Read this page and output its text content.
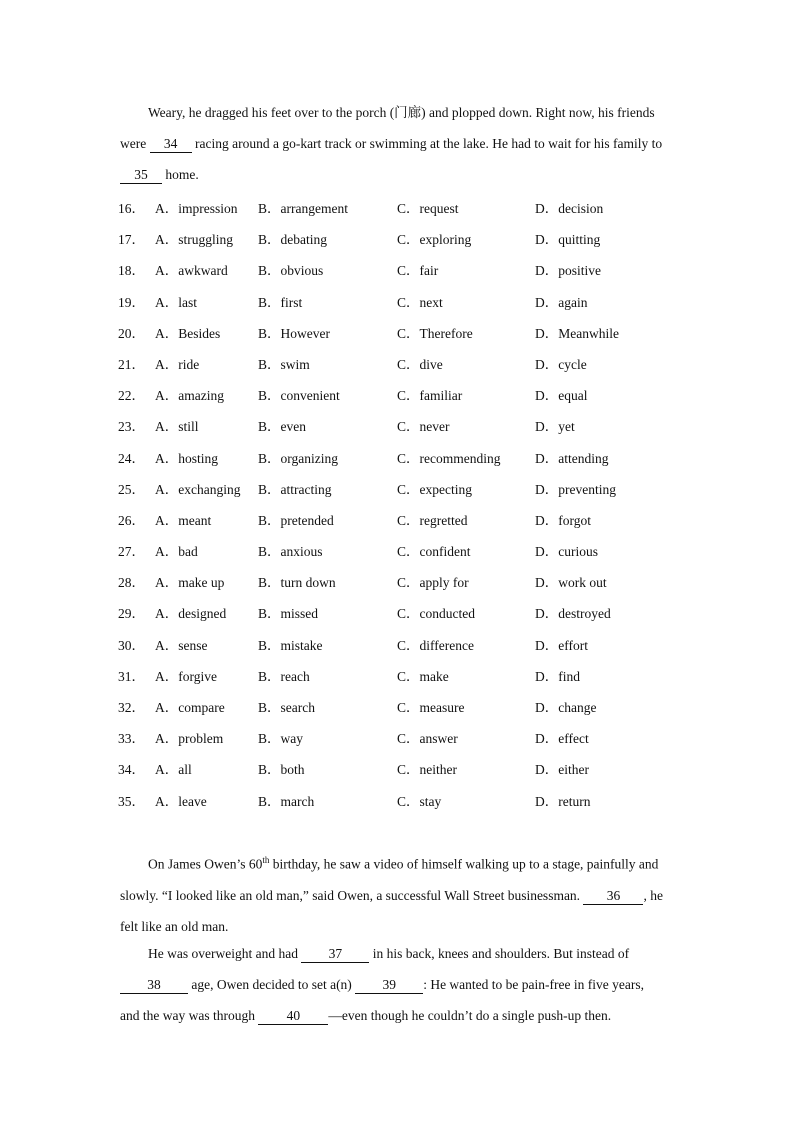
Weary, he dragged his feet over to the porch (门廊) and plopped down. Right now, his friends were 34 racing around a go-kart track or swimming at the lake. He had to wait for his family to 35 home.

16． A．impression B．arrangement	C．request	D．decision
17． A．struggling B．debating	C．exploring	D．quitting
18． A．awkward B．obvious	C．fair	D．positive
19． A．last	B．first	C．next	D．again
20． A．Besides	B．However	C．Therefore	D．Meanwhile
21． A．ride	B．swim	C．dive	D．cycle
22． A．amazing	B．convenient	C．familiar	D．equal
23． A．still	B．even	C．never	D．yet
24． A．hosting	B．organizing	C．recommending	D．attending
25． A．exchanging B．attracting	C．expecting	D．preventing
26． A．meant	B．pretended	C．regretted	D．forgot
27． A．bad	B．anxious	C．confident	D．curious
28． A．make up B．turn down	C．apply for	D．work out
29． A．designed B．missed	C．conducted	D．destroyed
30． A．sense	B．mistake	C．difference	D．effort
31． A．forgive	B．reach	C．make	D．find
32． A．compare B．search	C．measure	D．change
33． A．problem	B．way	C．answer	D．effect
34． A．all	B．both	C．neither	D．either
35． A．leave	B．march	C．stay	D．return

On James Owen’s 60th birthday, he saw a video of himself walking up to a stage, painfully and slowly. “I looked like an old man,” said Owen, a successful Wall Street businessman. 36 , he felt like an old man.

He was overweight and had 37 in his back, knees and shoulders. But instead of 38 age, Owen decided to set a(n) 39 : He wanted to be pain-free in five years, and the way was through 40 —even though he couldn’t do a single push-up then.
